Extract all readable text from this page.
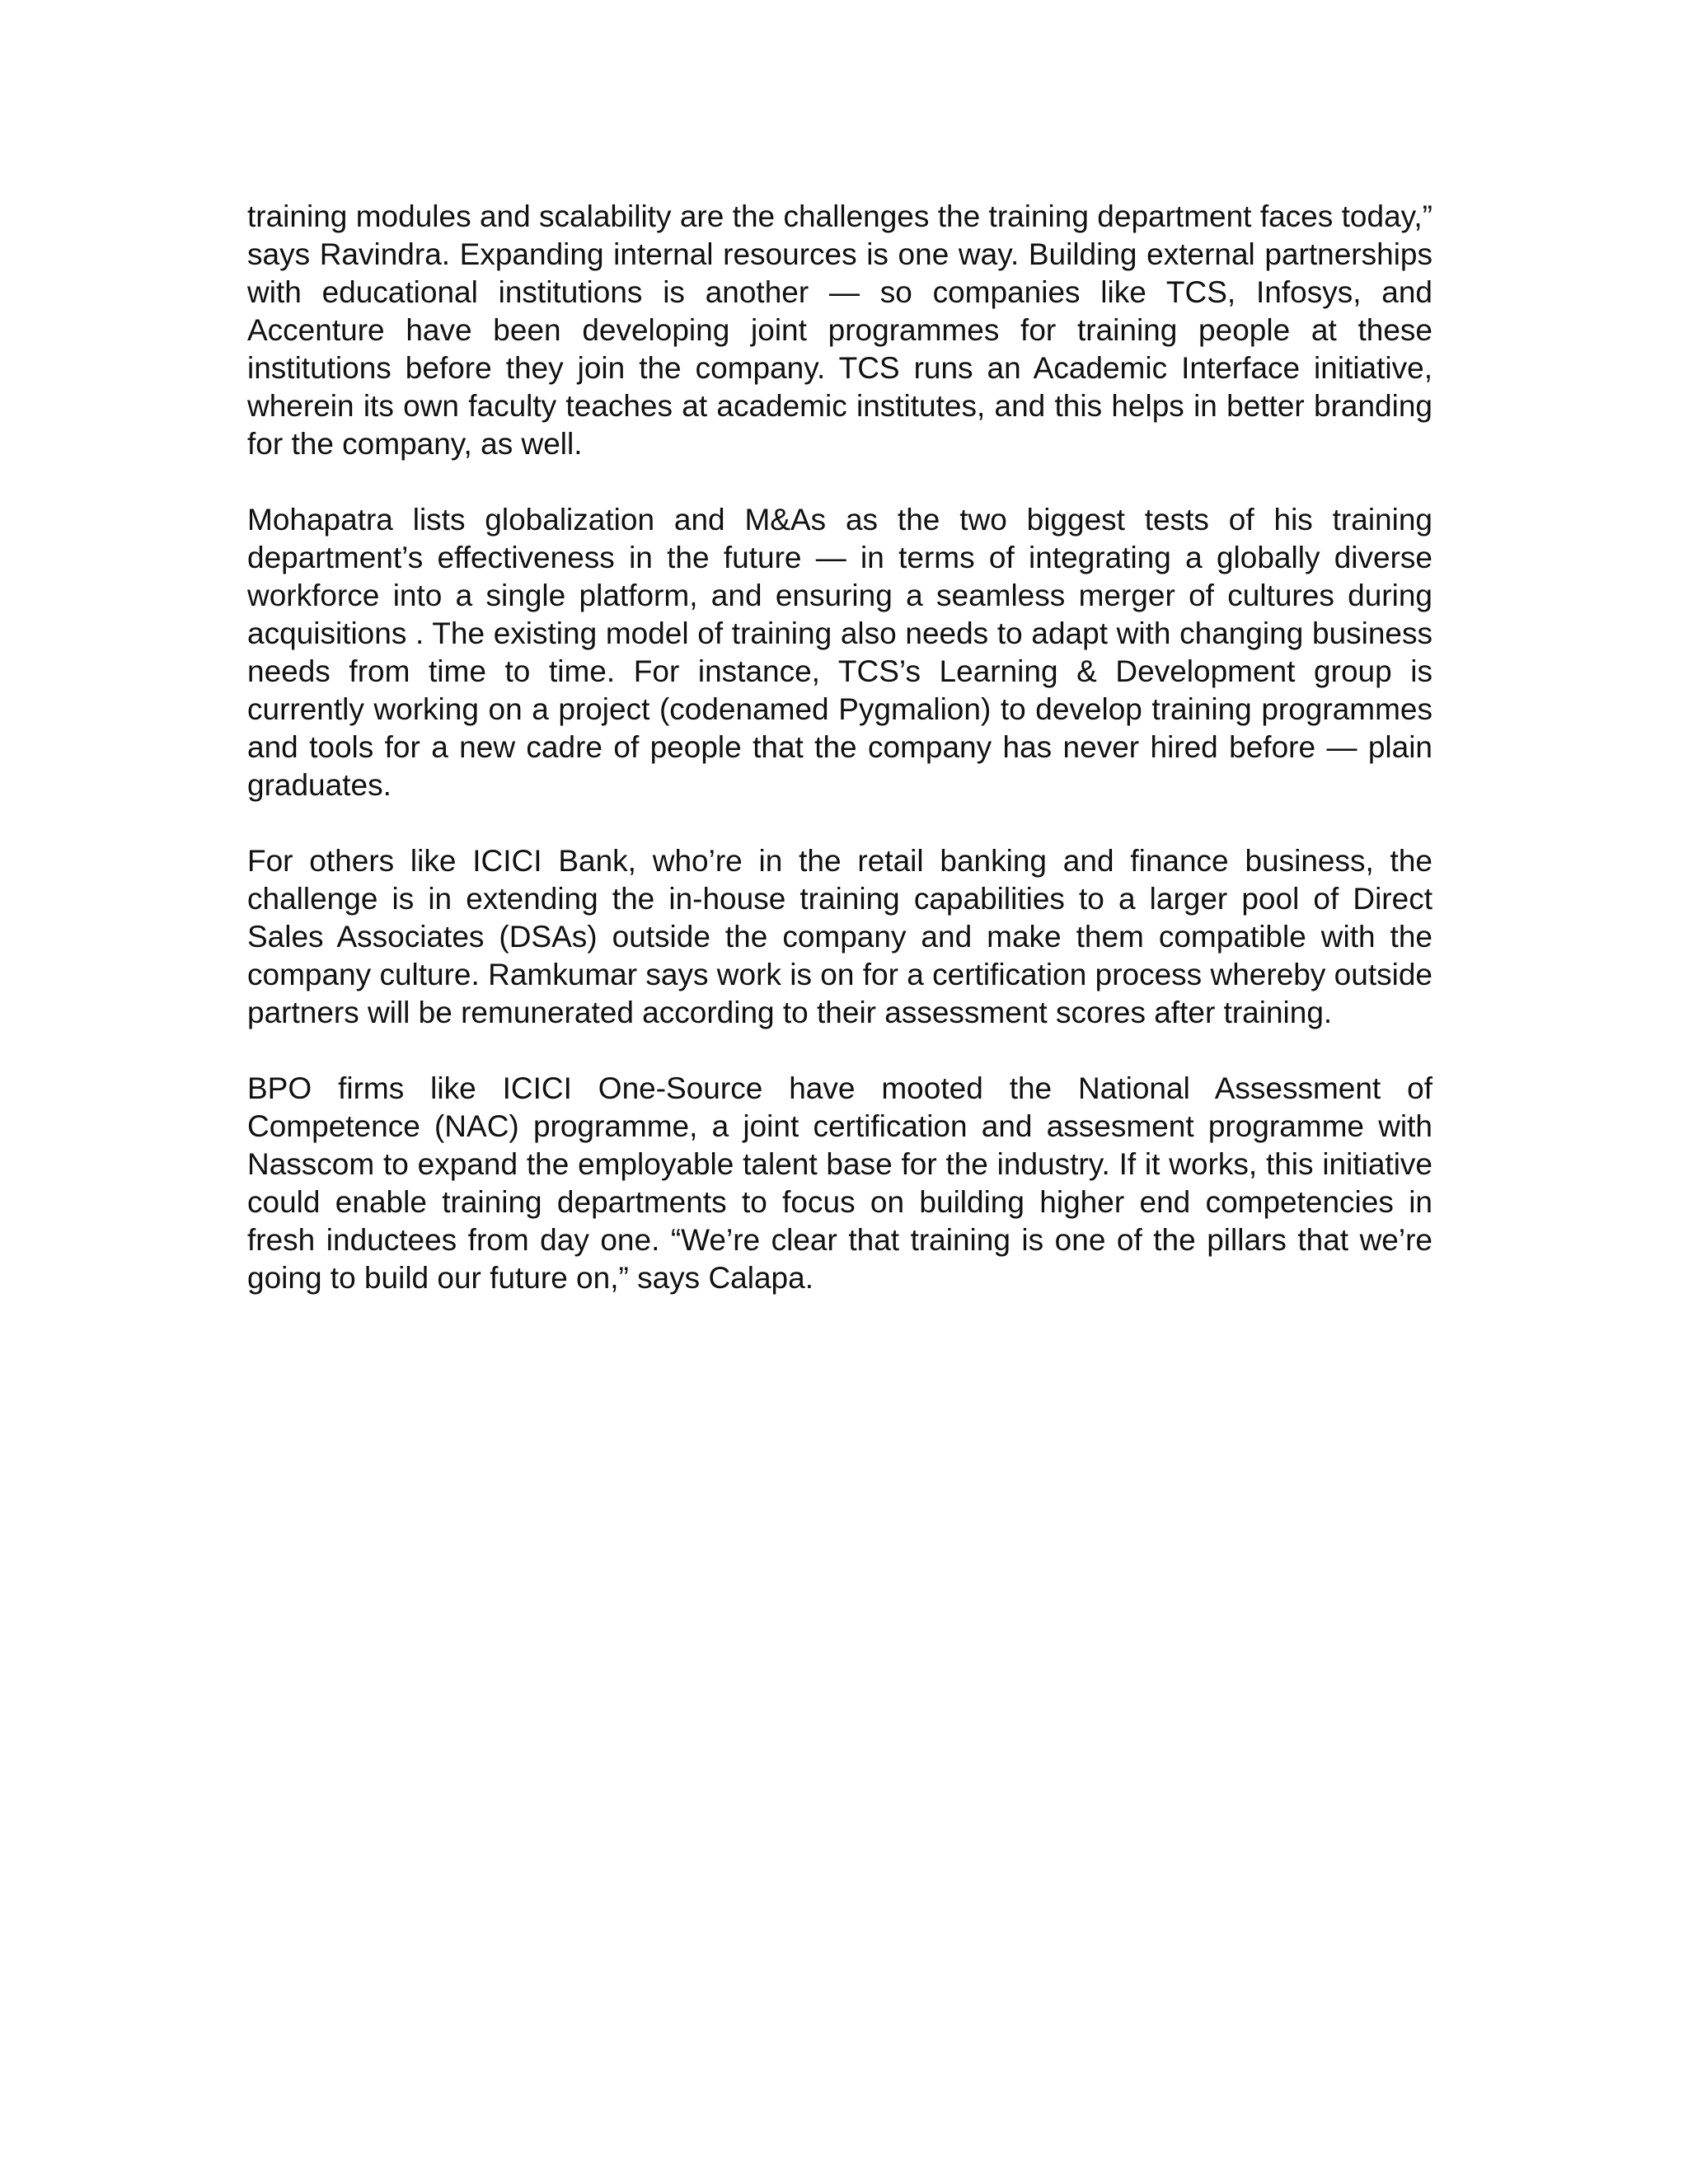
training modules and scalability are the challenges the training department faces today,” says Ravindra. Expanding internal resources is one way. Building external partnerships with educational institutions is another — so companies like TCS, Infosys, and Accenture have been developing joint programmes for training people at these institutions before they join the company. TCS runs an Academic Interface initiative, wherein its own faculty teaches at academic institutes, and this helps in better branding for the company, as well.

Mohapatra lists globalization and M&As as the two biggest tests of his training department’s effectiveness in the future — in terms of integrating a globally diverse workforce into a single platform, and ensuring a seamless merger of cultures during acquisitions . The existing model of training also needs to adapt with changing business needs from time to time. For instance, TCS’s Learning & Development group is currently working on a project (codenamed Pygmalion) to develop training programmes and tools for a new cadre of people that the company has never hired before — plain graduates.

For others like ICICI Bank, who’re in the retail banking and finance business, the challenge is in extending the in-house training capabilities to a larger pool of Direct Sales Associates (DSAs) outside the company and make them compatible with the company culture. Ramkumar says work is on for a certification process whereby outside partners will be remunerated according to their assessment scores after training.

BPO firms like ICICI One-Source have mooted the National Assessment of Competence (NAC) programme, a joint certification and assesment programme with Nasscom to expand the employable talent base for the industry. If it works, this initiative could enable training departments to focus on building higher end competencies in fresh inductees from day one. “We’re clear that training is one of the pillars that we’re going to build our future on,” says Calapa.
